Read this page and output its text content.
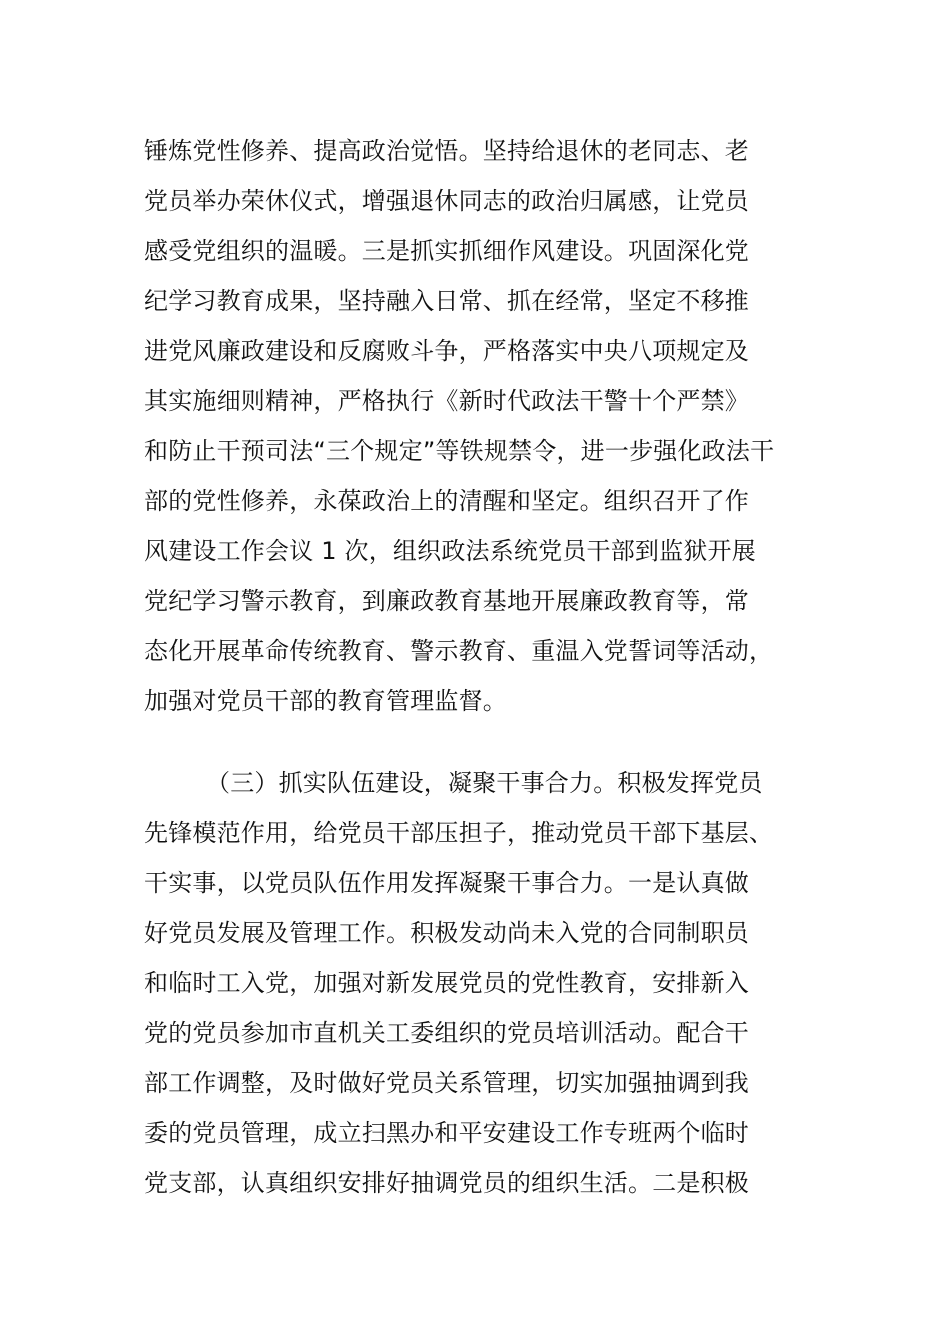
锤炼党性修养、提高政治觉悟。坚持给退休的老同志、老
党员举办荣休仪式，增强退休同志的政治归属感，让党员
感受党组织的温暖。三是抓实抓细作风建设。巩固深化党
纪学习教育成果，坚持融入日常、抓在经常，坚定不移推
进党风廉政建设和反腐败斗争，严格落实中央八项规定及
其实施细则精神，严格执行《新时代政法干警十个严禁》
和防止干预司法“三个规定”等铁规禁令，进一步强化政法干
部的党性修养，永葆政治上的清醒和坚定。组织召开了作
风建设工作会议 1 次，组织政法系统党员干部到监狱开展
党纪学习警示教育，到廉政教育基地开展廉政教育等，常
态化开展革命传统教育、警示教育、重温入党誓词等活动，
加强对党员干部的教育管理监督。
（三）抓实队伍建设，凝聚干事合力。积极发挥党员
先锋模范作用，给党员干部压担子，推动党员干部下基层、
干实事，以党员队伍作用发挥凝聚干事合力。一是认真做
好党员发展及管理工作。积极发动尚未入党的合同制职员
和临时工入党，加强对新发展党员的党性教育，安排新入
党的党员参加市直机关工委组织的党员培训活动。配合干
部工作调整，及时做好党员关系管理，切实加强抽调到我
委的党员管理，成立扫黑办和平安建设工作专班两个临时
党支部，认真组织安排好抽调党员的组织生活。二是积极
